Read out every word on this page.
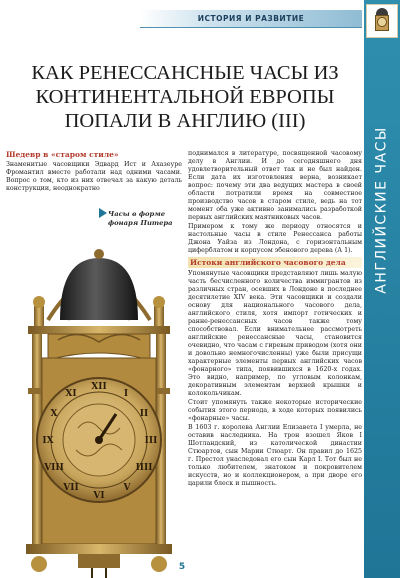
АНГЛИЙСКИЕ ЧАСЫ
ИСТОРИЯ И РАЗВИТИЕ
КАК РЕНЕССАНСНЫЕ ЧАСЫ ИЗ
КОНТИНЕНТАЛЬНОЙ ЕВРОПЫ
ПОПАЛИ В АНГЛИЮ (III)
Шедевр в «старом стиле»

Знаменитые часовщики Эдвард Ист и Ахазеуре Фромантил вместе работали над одними часами. Вопрос о том, кто из них отвечал за какую деталь конструкции, неоднократно

Часы в форме фонаря Питера
XII
I
II
III
IIII
V
VI
VII
VIII
IX
X
XI

поднимался в литературе, посвященной часовому делу в Англии. И до сегодняшнего дня удовлетворительный ответ так и не был найден. Если дата их изготовления верна, возникает вопрос: почему эти два ведущих мастера в своей области потратили время на совместное производство часов в старом стиле, ведь на тот момент оба уже активно занимались разработкой первых английских маятниковых часов.

Примером к тому же периоду относятся и настольные часы в стиле Ренессанса работы Джона Уайза из Лондона, с горизонтальным циферблатом и корпусом эбенового дерева (А 1).

Истоки английского часового дела

Упомянутые часовщики представляют лишь малую часть бесчисленного количества иммигрантов из различных стран, осевших в Лондоне в последнее десятилетие XIV века. Эти часовщики и создали основу для национального часового дела, английского стиля, хотя импорт готических и ранне-ренессансных часов также тому способствовал. Если внимательнее рассмотреть английские ренессансные часы, становится очевидно, что часам с гиревым приводом (хотя они и довольно немногочисленны) уже были присущи характерные элементы первых английских часов «фонарного» типа, появившихся в 1620-х годах. Это видно, например, по угловым колонкам, декоративным элементам верхней крышки и колокольчикам.

Стоит упомянуть также некоторые исторические события этого периода, в ходе которых появились «фонарные» часы.

В 1603 г. королева Англии Елизавета I умерла, не оставив наследника. На трон взошел Яков I Шотландский, из католической династии Стюартов, сын Марии Стюарт. Он правил до 1625 г. Престол унаследовал его сын Карл I. Тот был не только любителем, знатоком и покровителем искусств, но и коллекционером, а при дворе его царили блеск и пышность.

5
